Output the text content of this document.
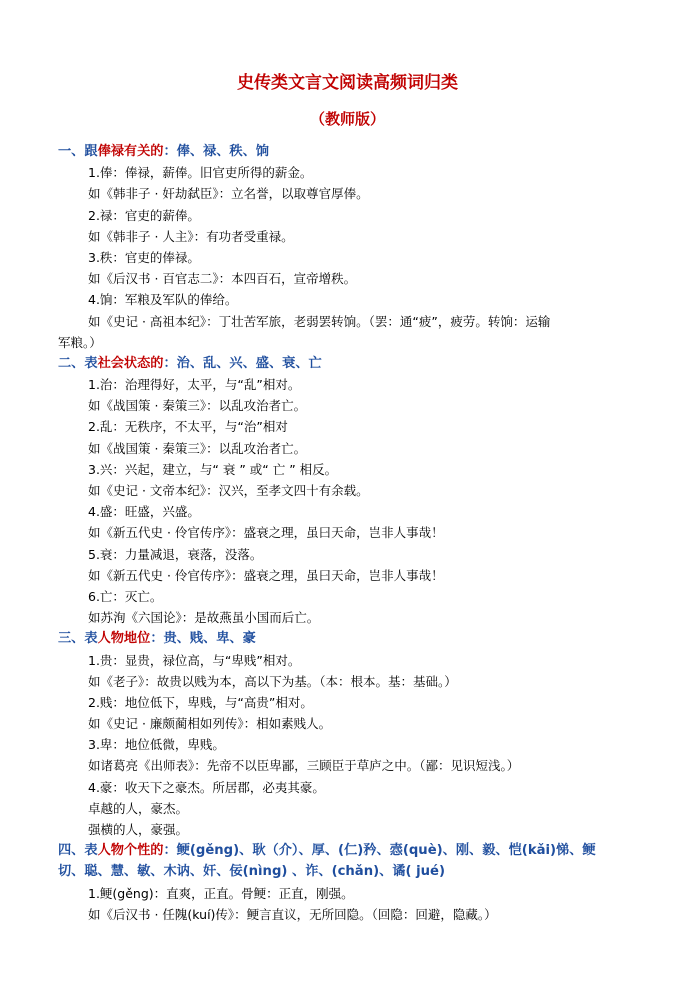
史传类文言文阅读高频词归类
（教师版）
一、跟俸禄有关的：俸、禄、秩、饷
1.俸：俸禄，薪俸。旧官吏所得的薪金。
如《韩非子 · 奸劫弑臣》：立名誉，以取尊官厚俸。
2.禄：官吏的薪俸。
如《韩非子 · 人主》：有功者受重禄。
3.秩：官吏的俸禄。
如《后汉书 · 百官志二》：本四百石，宣帝增秩。
4.饷：军粮及军队的俸给。
如《史记 · 高祖本纪》：丁壮苦军旅，老弱罢转饷。（罢：通“疲”，疲劳。转饷：运输
军粮。）
二、表社会状态的：治、乱、兴、盛、衰、亡
1.治：治理得好，太平，与“乱”相对。
如《战国策 · 秦策三》：以乱攻治者亡。
2.乱：无秩序，不太平，与“治”相对
如《战国策 · 秦策三》：以乱攻治者亡。
3.兴：兴起，建立，与“ 衰 ” 或“ 亡 ” 相反。
如《史记 · 文帝本纪》：汉兴，至孝文四十有余载。
4.盛：旺盛，兴盛。
如《新五代史 · 伶官传序》：盛衰之理，虽曰天命，岂非人事哉！
5.衰：力量减退，衰落，没落。
如《新五代史 · 伶官传序》：盛衰之理，虽曰天命，岂非人事哉！
6.亡：灭亡。
如苏洵《六国论》：是故燕虽小国而后亡。
三、表人物地位：贵、贱、卑、豪
1.贵：显贵，禄位高，与“卑贱”相对。
如《老子》：故贵以贱为本，高以下为基。（本：根本。基：基础。）
2.贱：地位低下，卑贱，与“高贵”相对。
如《史记 · 廉颇蔺相如列传》：相如素贱人。
3.卑：地位低微，卑贱。
如诸葛亮《出师表》：先帝不以臣卑鄙，三顾臣于草庐之中。（鄙：见识短浅。）
4.豪：收天下之豪杰。所居郡，必夷其豪。
卓越的人，豪杰。
强横的人，豪强。
四、表人物个性的：鲠(gěng)、耿（介）、厚、(仁)矜、悫(què)、刚、毅、恺(kǎi)悌、鲠
切、聪、慧、敏、木讷、奸、佞(nìng) 、诈、(chǎn)、谲( jué)
1.鲠(gěng)：直爽，正直。骨鲠：正直，刚强。
如《后汉书 · 任隗(kuí)传》：鲠言直议，无所回隐。（回隐：回避，隐藏。）
